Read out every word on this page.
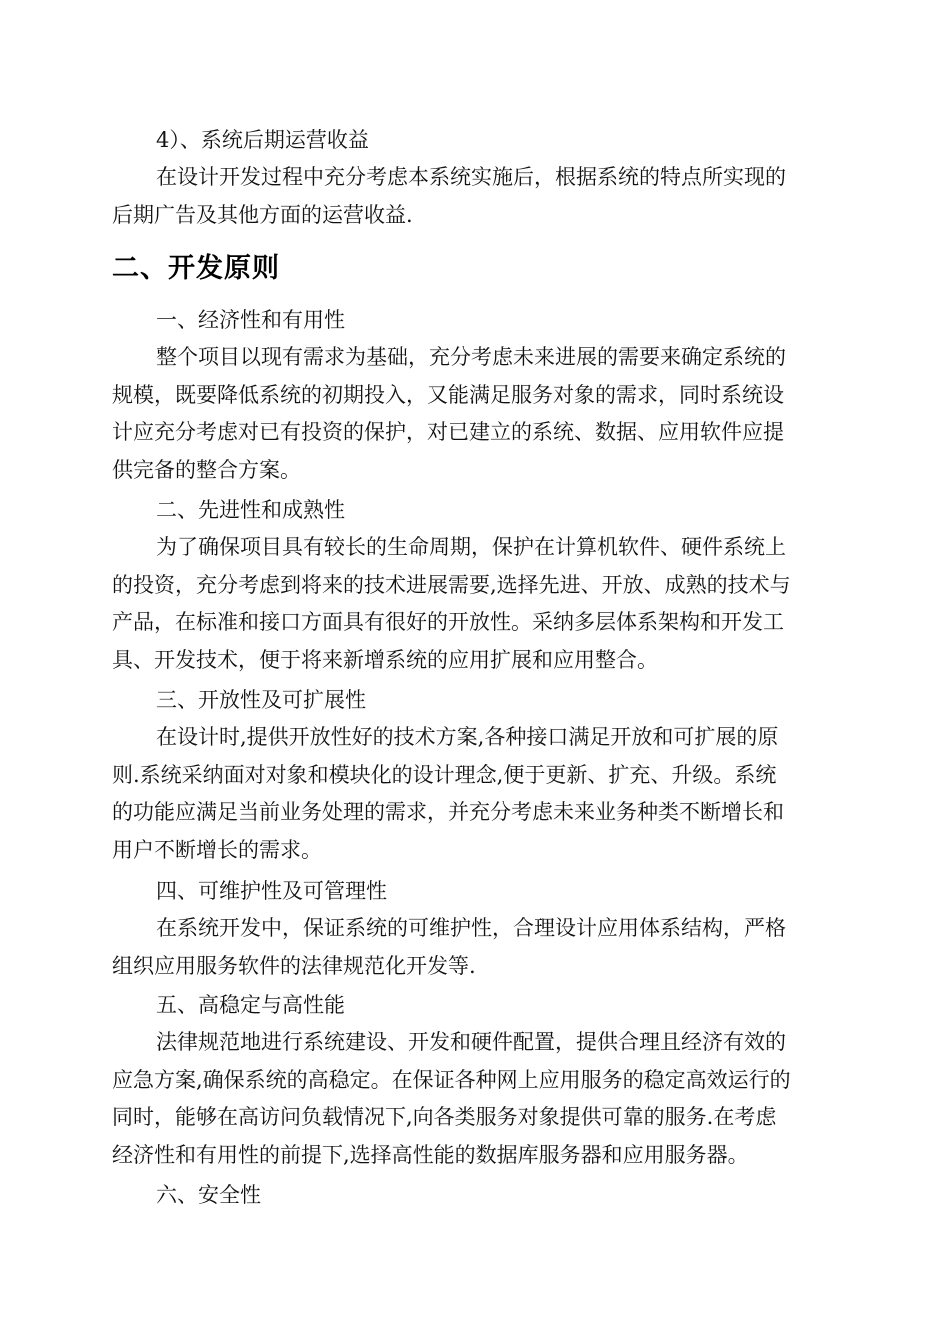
4）、系统后期运营收益

在设计开发过程中充分考虑本系统实施后，根据系统的特点所实现的
后期广告及其他方面的运营收益.

二、开发原则

一、经济性和有用性

整个项目以现有需求为基础，充分考虑未来进展的需要来确定系统的
规模，既要降低系统的初期投入，又能满足服务对象的需求，同时系统设
计应充分考虑对已有投资的保护，对已建立的系统、数据、应用软件应提
供完备的整合方案。

二、先进性和成熟性

为了确保项目具有较长的生命周期，保护在计算机软件、硬件系统上
的投资，充分考虑到将来的技术进展需要,选择先进、开放、成熟的技术与
产品，在标准和接口方面具有很好的开放性。采纳多层体系架构和开发工
具、开发技术，便于将来新增系统的应用扩展和应用整合。

三、开放性及可扩展性

在设计时,提供开放性好的技术方案,各种接口满足开放和可扩展的原
则.系统采纳面对对象和模块化的设计理念,便于更新、扩充、升级。系统
的功能应满足当前业务处理的需求，并充分考虑未来业务种类不断增长和
用户不断增长的需求。

四、可维护性及可管理性

在系统开发中，保证系统的可维护性，合理设计应用体系结构，严格
组织应用服务软件的法律规范化开发等.

五、高稳定与高性能

法律规范地进行系统建设、开发和硬件配置，提供合理且经济有效的
应急方案,确保系统的高稳定。在保证各种网上应用服务的稳定高效运行的
同时，能够在高访问负载情况下,向各类服务对象提供可靠的服务.在考虑
经济性和有用性的前提下,选择高性能的数据库服务器和应用服务器。

六、安全性
